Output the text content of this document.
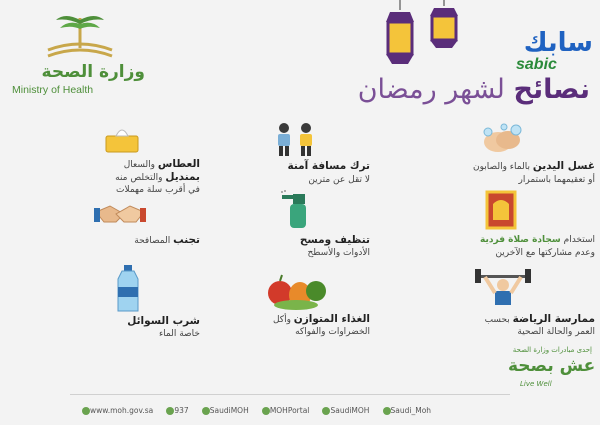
وزارة الصحة
Ministry of Health
سابك
sabic
نصائح لشهر رمضان
غسل اليدين بالماء والصابون
أو تعقيمهما باستمرار
ترك مسافة آمنة
لا تقل عن مترين
العطاس والسعال
بمنديل والتخلص منه
في أقرب سلة مهملات
استخدام سجادة صلاة فردية
وعدم مشاركتها مع الآخرين
تنظيف ومسح
الأدوات والأسطح
تجنب المصافحة
ممارسة الرياضة بحسب
العمر والحالة الصحية
الغذاء المتوازن وأكل
الخضراوات والفواكه
شرب السوائل
خاصة الماء
إحدى مبادرات وزارة الصحة
عش بصحة
Live Well
www.moh.gov.sa	937	SaudiMOH	MOHPortal	SaudiMOH	Saudi_Moh
